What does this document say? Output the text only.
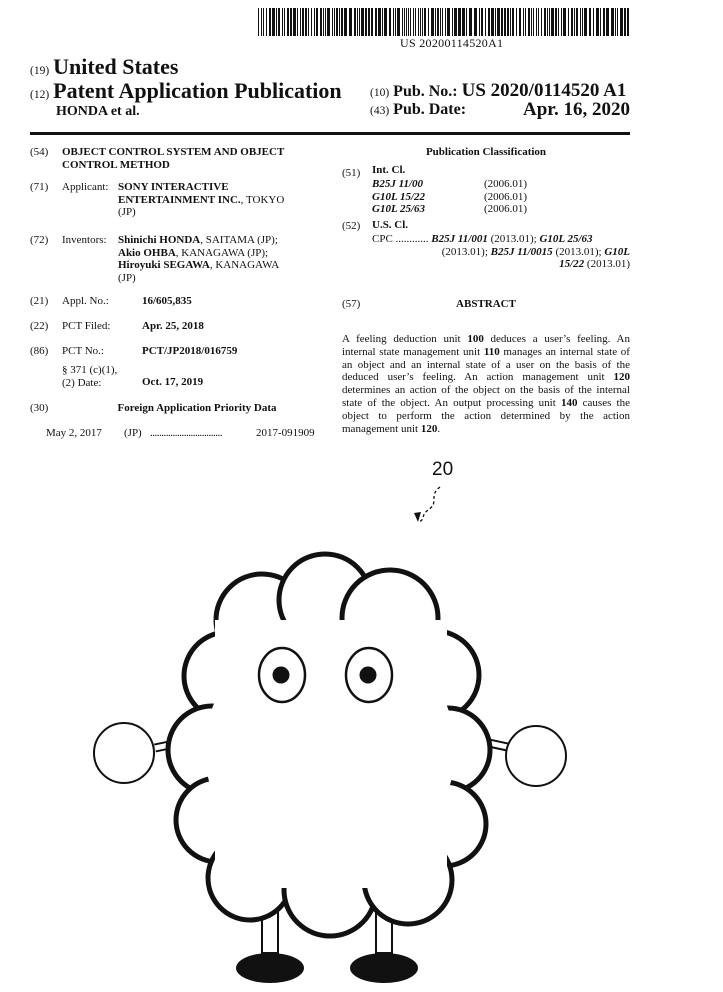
US 20200114520A1
(19) United States
(12) Patent Application Publication
HONDA et al.
(10) Pub. No.: US 2020/0114520 A1
(43) Pub. Date:	Apr. 16, 2020
(54)	OBJECT CONTROL SYSTEM AND OBJECT
CONTROL METHOD
(71) Applicant: SONY INTERACTIVE
ENTERTAINMENT INC., TOKYO
(JP)
(72) Inventors: Shinichi HONDA, SAITAMA (JP);
Akio OHBA, KANAGAWA (JP);
Hiroyuki SEGAWA, KANAGAWA
(JP)
(21) Appl. No.:	16/605,835
(22) PCT Filed:	Apr. 25, 2018
(86) PCT No.:	PCT/JP2018/016759
§ 371 (c)(1),
(2) Date:	Oct. 17, 2019
(30)	Foreign Application Priority Data
May 2, 2017 (JP) ................................	2017-091909
Publication Classification
(51) Int. Cl.
B25J 11/00	(2006.01)
G10L 15/22	(2006.01)
G10L 25/63	(2006.01)
(52) U.S. Cl.
CPC ............ B25J 11/001 (2013.01); G10L 25/63
(2013.01); B25J 11/0015 (2013.01); G10L
15/22 (2013.01)
(57)	ABSTRACT
A feeling deduction unit 100 deduces a user’s feeling. An internal state management unit 110 manages an internal state of an object and an internal state of a user on the basis of the deduced user’s feeling. An action management unit 120 determines an action of the object on the basis of the internal state of the object. An output processing unit 140 causes the object to perform the action determined by the action management unit 120.
20
